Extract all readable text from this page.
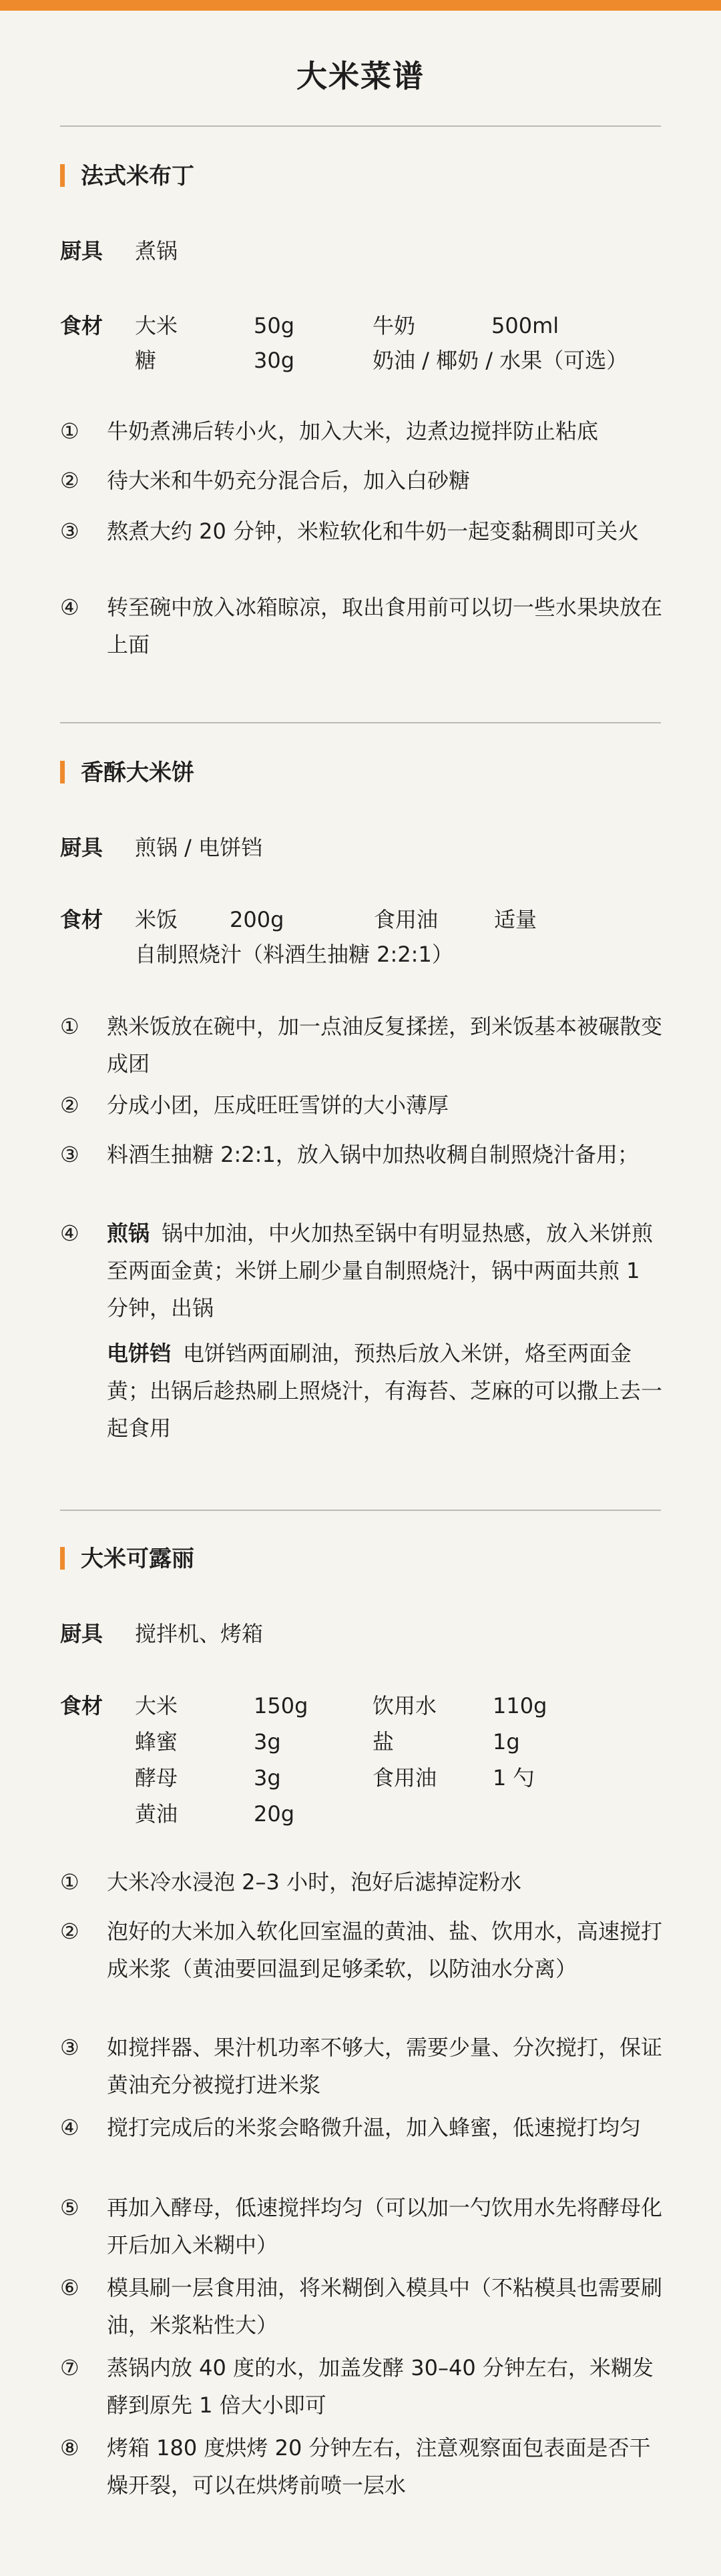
大米菜谱
法式米布丁
厨具 煮锅
食材 大米	50g	牛奶	500ml
糖	30g	奶油 / 椰奶 / 水果（可选）
① 牛奶煮沸后转小火，加入大米，边煮边搅拌防止粘底
② 待大米和牛奶充分混合后，加入白砂糖
③ 熬煮大约 20 分钟，米粒软化和牛奶一起变黏稠即可关火
④ 转至碗中放入冰箱晾凉，取出食用前可以切一些水果块放在上面
香酥大米饼
厨具 煎锅 / 电饼铛
食材 米饭 200g	食用油	适量
自制照烧汁（料酒生抽糖 2:2:1）
① 熟米饭放在碗中，加一点油反复揉搓，到米饭基本被碾散变成团
② 分成小团，压成旺旺雪饼的大小薄厚
③ 料酒生抽糖 2:2:1，放入锅中加热收稠自制照烧汁备用；
④ 煎锅 锅中加油，中火加热至锅中有明显热感，放入米饼煎至两面金黄；米饼上刷少量自制照烧汁，锅中两面共煎 1 分钟，出锅
电饼铛 电饼铛两面刷油，预热后放入米饼，烙至两面金黄；出锅后趁热刷上照烧汁，有海苔、芝麻的可以撒上去一起食用
大米可露丽
厨具 搅拌机、烤箱
食材 大米	150g	饮用水	110g
蜂蜜	3g	盐	1g
酵母	3g	食用油	1 勺
黄油	20g
① 大米冷水浸泡 2–3 小时，泡好后滤掉淀粉水
② 泡好的大米加入软化回室温的黄油、盐、饮用水，高速搅打成米浆（黄油要回温到足够柔软，以防油水分离）
③ 如搅拌器、果汁机功率不够大，需要少量、分次搅打，保证黄油充分被搅打进米浆
④ 搅打完成后的米浆会略微升温，加入蜂蜜，低速搅打均匀
⑤ 再加入酵母，低速搅拌均匀（可以加一勺饮用水先将酵母化开后加入米糊中）
⑥ 模具刷一层食用油，将米糊倒入模具中（不粘模具也需要刷油，米浆粘性大）
⑦ 蒸锅内放 40 度的水，加盖发酵 30–40 分钟左右，米糊发酵到原先 1 倍大小即可
⑧ 烤箱 180 度烘烤 20 分钟左右，注意观察面包表面是否干燥开裂，可以在烘烤前喷一层水
